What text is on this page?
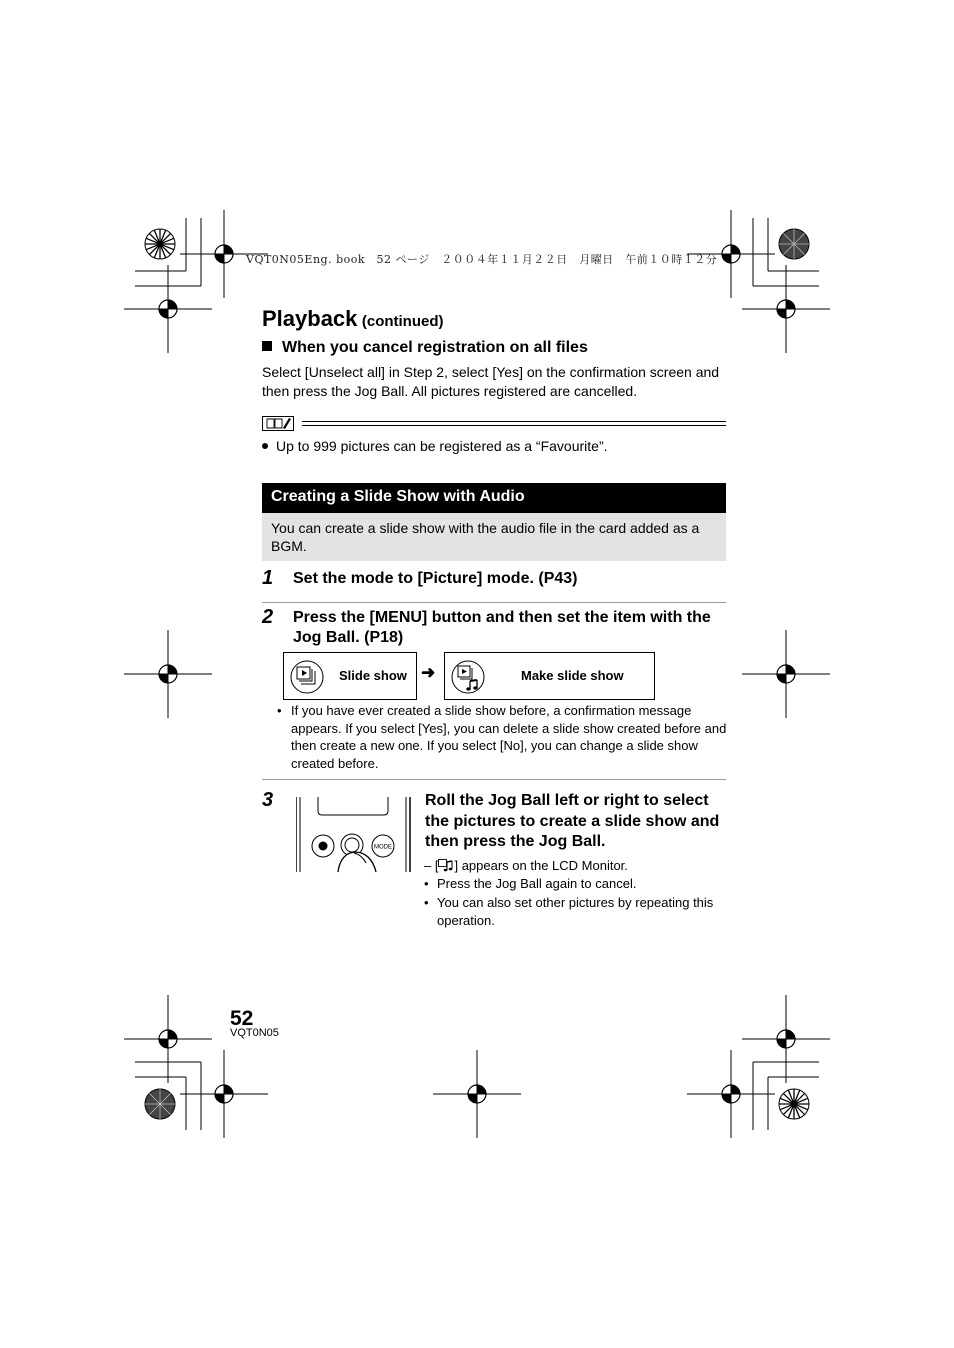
VQT0N05Eng. book　52 ページ　２００４年１１月２２日　月曜日　午前１０時１２分
Playback (continued)
When you cancel registration on all files
Select [Unselect all] in Step 2, select [Yes] on the confirmation screen and then press the Jog Ball. All pictures registered are cancelled.
Up to 999 pictures can be registered as a “Favourite”.
Creating a Slide Show with Audio
You can create a slide show with the audio file in the card added as a BGM.
1 Set the mode to [Picture] mode. (P43)
2 Press the [MENU] button and then set the item with the Jog Ball. (P18)
Slide show ➜	Make slide show
• If you have ever created a slide show before, a confirmation message appears. If you select [Yes], you can delete a slide show created before and then create a new one. If you select [No], you can change a slide show created before.
3
MODE
Roll the Jog Ball left or right to select the pictures to create a slide show and then press the Jog Ball.
– [ ] appears on the LCD Monitor.
• Press the Jog Ball again to cancel.
• You can also set other pictures by repeating this operation.
52
VQT0N05
